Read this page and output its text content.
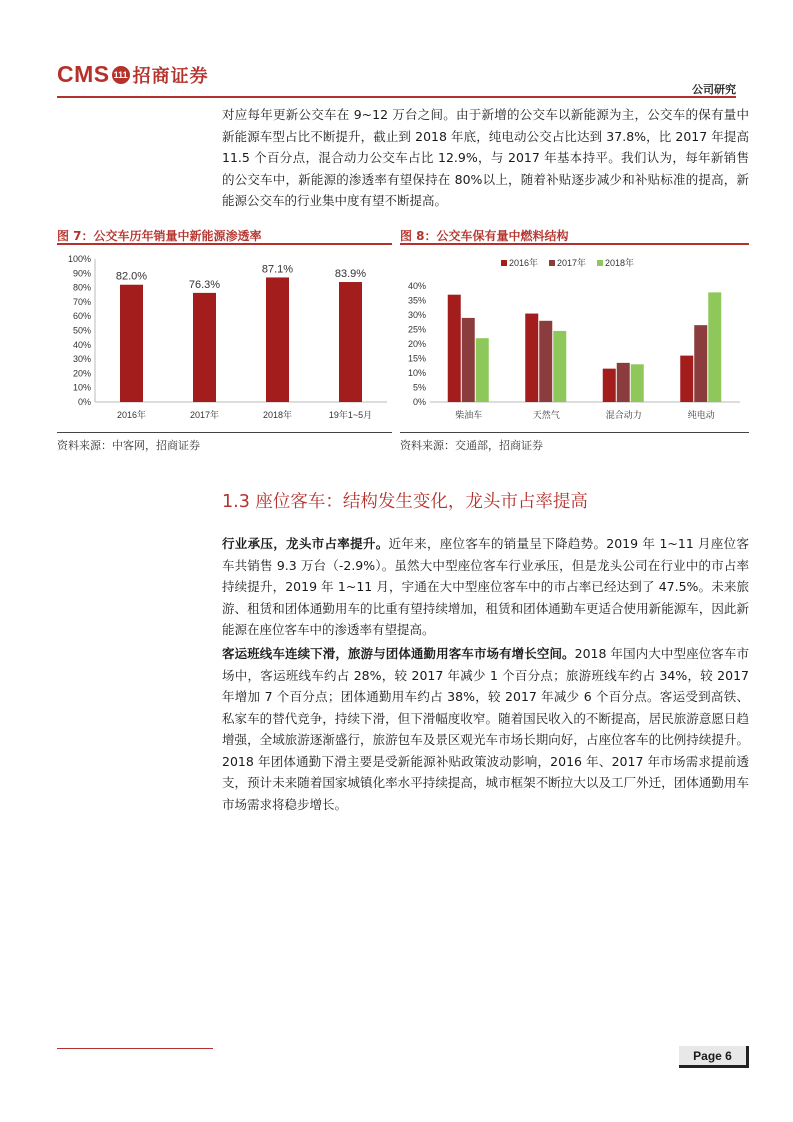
CMS 111 招商证券
公司研究
对应每年更新公交车在 9~12 万台之间。由于新增的公交车以新能源为主，公交车的保有量中新能源车型占比不断提升，截止到 2018 年底，纯电动公交占比达到 37.8%，比 2017 年提高 11.5 个百分点，混合动力公交车占比 12.9%，与 2017 年基本持平。我们认为，每年新销售的公交车中，新能源的渗透率有望保持在 80%以上，随着补贴逐步减少和补贴标准的提高，新能源公交车的行业集中度有望不断提高。
图 7：公交车历年销量中新能源渗透率
0%
10%
20%
30%
40%
50%
60%
70%
80%
90%
100%
82.0%
2016年
76.3%
2017年
87.1%
2018年
83.9%
19年1~5月
资料来源：中客网，招商证券
图 8：公交车保有量中燃料结构
2016年 2017年 2018年
0%
5%
10%
15%
20%
25%
30%
35%
40%
柴油车	天然气	混合动力	纯电动
资料来源：交通部，招商证券
1.3 座位客车：结构发生变化，龙头市占率提高
行业承压，龙头市占率提升。近年来，座位客车的销量呈下降趋势。2019 年 1~11 月座位客车共销售 9.3 万台（-2.9%）。虽然大中型座位客车行业承压，但是龙头公司在行业中的市占率持续提升，2019 年 1~11 月，宇通在大中型座位客车中的市占率已经达到了 47.5%。未来旅游、租赁和团体通勤用车的比重有望持续增加，租赁和团体通勤车更适合使用新能源车，因此新能源在座位客车中的渗透率有望提高。
客运班线车连续下滑，旅游与团体通勤用客车市场有增长空间。2018 年国内大中型座位客车市场中，客运班线车约占 28%，较 2017 年减少 1 个百分点；旅游班线车约占 34%，较 2017 年增加 7 个百分点；团体通勤用车约占 38%，较 2017 年减少 6 个百分点。客运受到高铁、私家车的替代竞争，持续下滑，但下滑幅度收窄。随着国民收入的不断提高，居民旅游意愿日趋增强，全域旅游逐渐盛行，旅游包车及景区观光车市场长期向好，占座位客车的比例持续提升。2018 年团体通勤下滑主要是受新能源补贴政策波动影响，2016 年、2017 年市场需求提前透支，预计未来随着国家城镇化率水平持续提高，城市框架不断拉大以及工厂外迁，团体通勤用车市场需求将稳步增长。
Page 6
